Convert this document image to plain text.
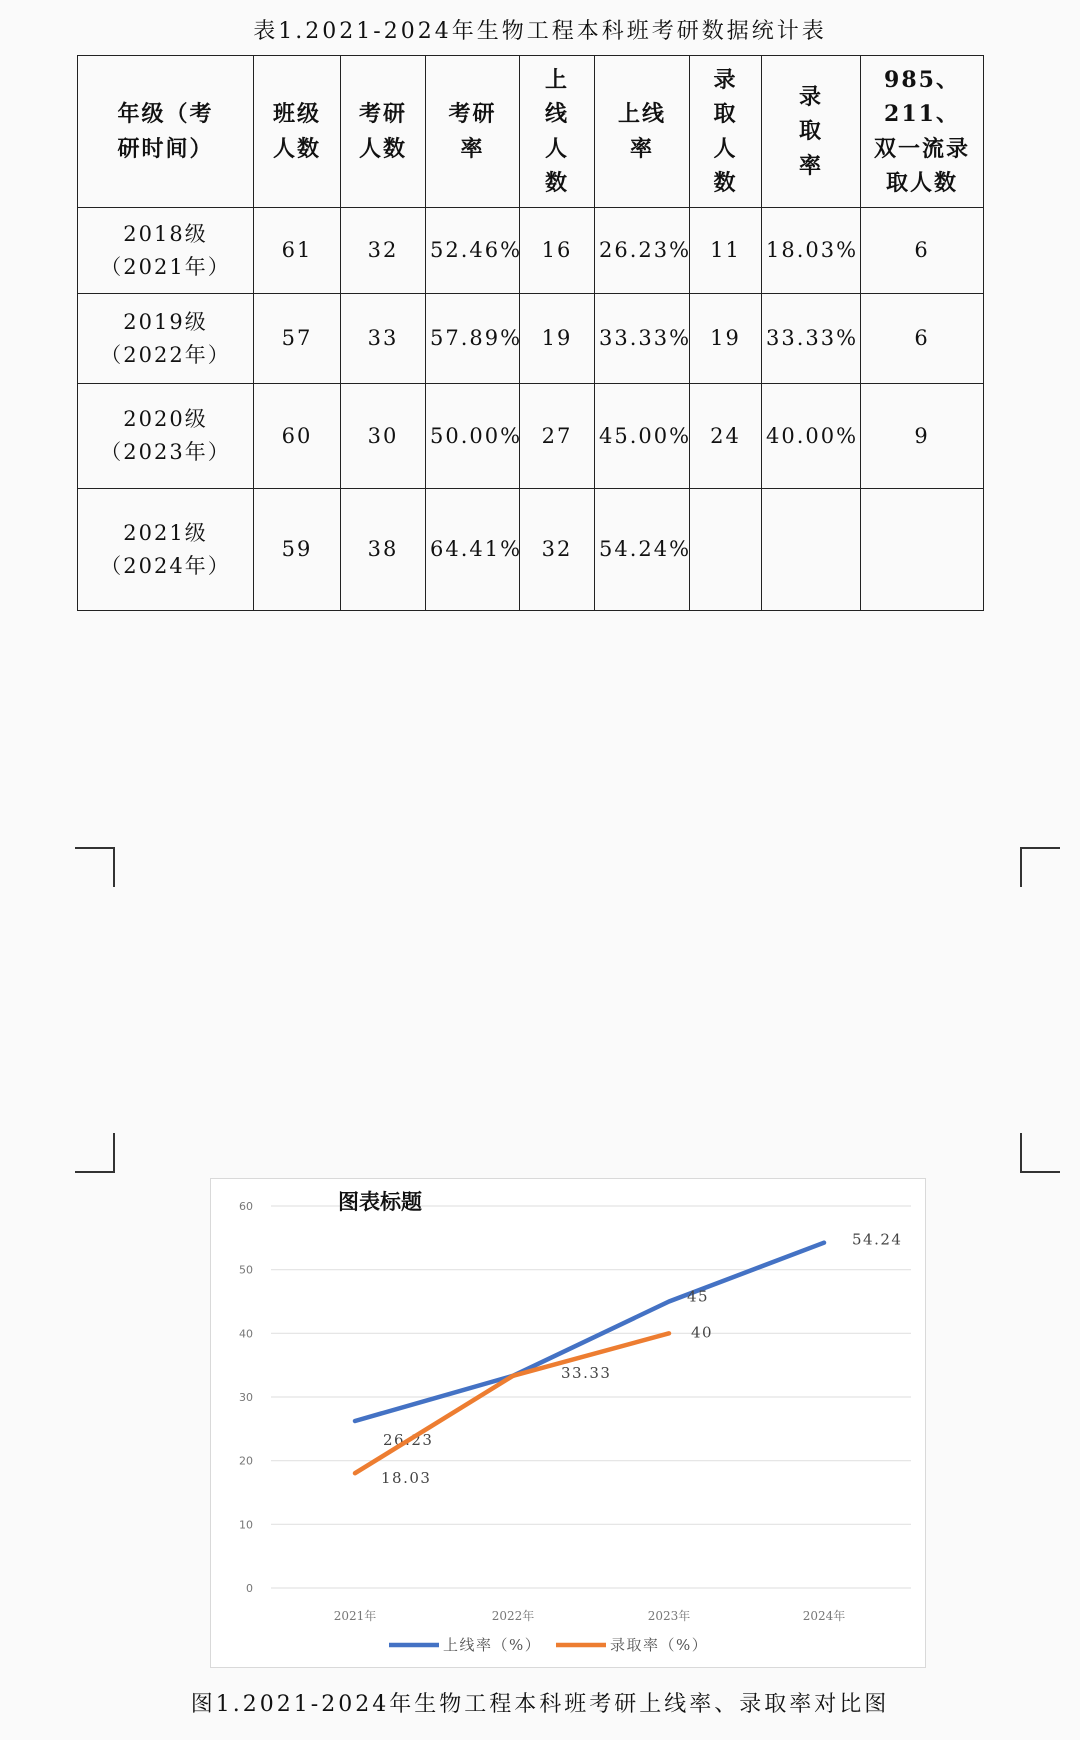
表1.2021-2024年生物工程本科班考研数据统计表
年级（考研时间）	班级人数	考研人数	考研率	上线人数	上线率	录取人数	录取率	985、211、双一流录取人数
2018级
（2021年）	61	32	52.46%	16	26.23%	11	18.03%	6
2019级
（2022年）	57	33	57.89%	19	33.33%	19	33.33%	6
2020级
（2023年）	60	30	50.00%	27	45.00%	24	40.00%	9
2021级
（2024年）	59	38	64.41%	32	54.24%			
0
10
20
30
40
50
60
2021年	2022年	2023年	2024年
图表标题
26.23
33.33
45
54.24
18.03
40
上线率（%）	录取率（%）
图1.2021-2024年生物工程本科班考研上线率、录取率对比图
